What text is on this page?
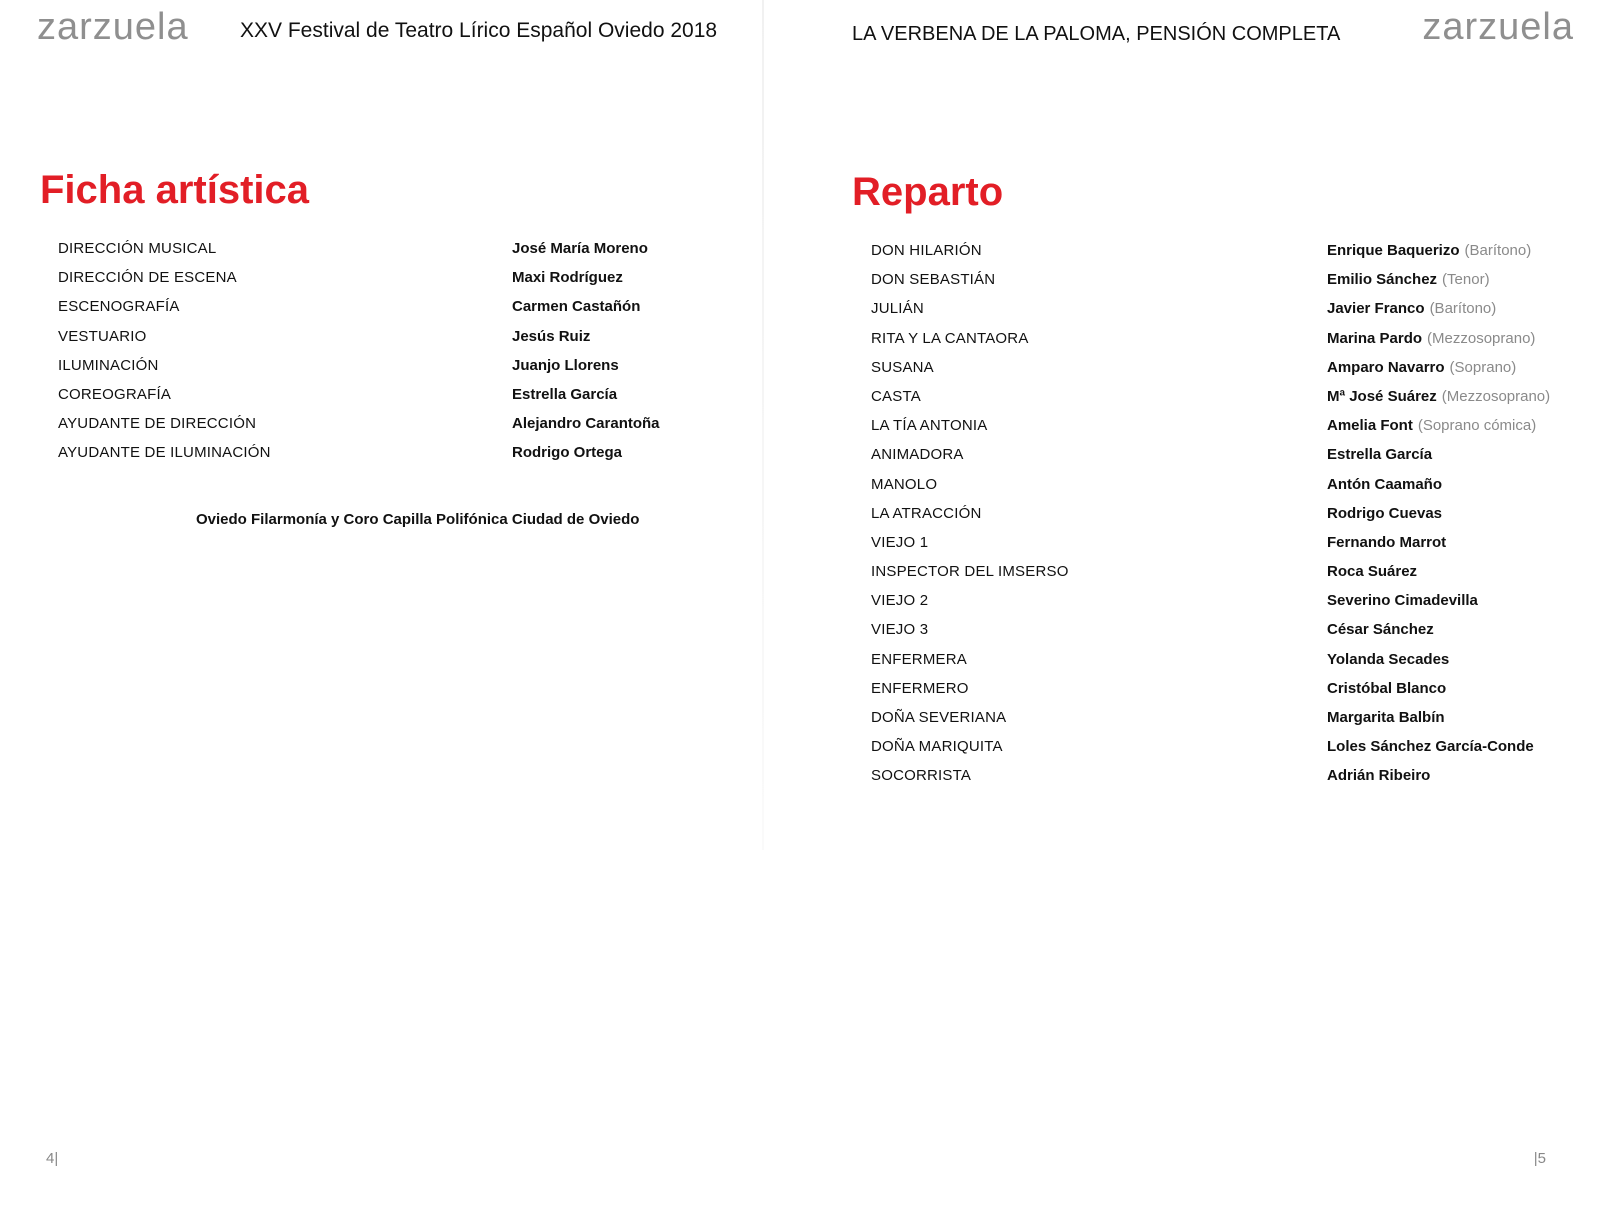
zarzuela XXV Festival de Teatro Lírico Español Oviedo 2018
Ficha artística
DIRECCIÓN MUSICAL	José María Moreno
DIRECCIÓN DE ESCENA	Maxi Rodríguez
ESCENOGRAFÍA	Carmen Castañón
VESTUARIO	Jesús Ruiz
ILUMINACIÓN	Juanjo Llorens
COREOGRAFÍA	Estrella García
AYUDANTE DE DIRECCIÓN	Alejandro Carantoña
AYUDANTE DE ILUMINACIÓN	Rodrigo Ortega
Oviedo Filarmonía y Coro Capilla Polifónica Ciudad de Oviedo
4|
LA VERBENA DE LA PALOMA, PENSIÓN COMPLETA zarzuela
Reparto
DON HILARIÓN	Enrique Baquerizo (Barítono)
DON SEBASTIÁN	Emilio Sánchez (Tenor)
JULIÁN	Javier Franco (Barítono)
RITA Y LA CANTAORA	Marina Pardo (Mezzosoprano)
SUSANA	Amparo Navarro (Soprano)
CASTA	Mª José Suárez (Mezzosoprano)
LA TÍA ANTONIA	Amelia Font (Soprano cómica)
ANIMADORA	Estrella García
MANOLO	Antón Caamaño
LA ATRACCIÓN	Rodrigo Cuevas
VIEJO 1	Fernando Marrot
INSPECTOR DEL IMSERSO	Roca Suárez
VIEJO 2	Severino Cimadevilla
VIEJO 3	César Sánchez
ENFERMERA	Yolanda Secades
ENFERMERO	Cristóbal Blanco
DOÑA SEVERIANA	Margarita Balbín
DOÑA MARIQUITA	Loles Sánchez García-Conde
SOCORRISTA	Adrián Ribeiro
|5
